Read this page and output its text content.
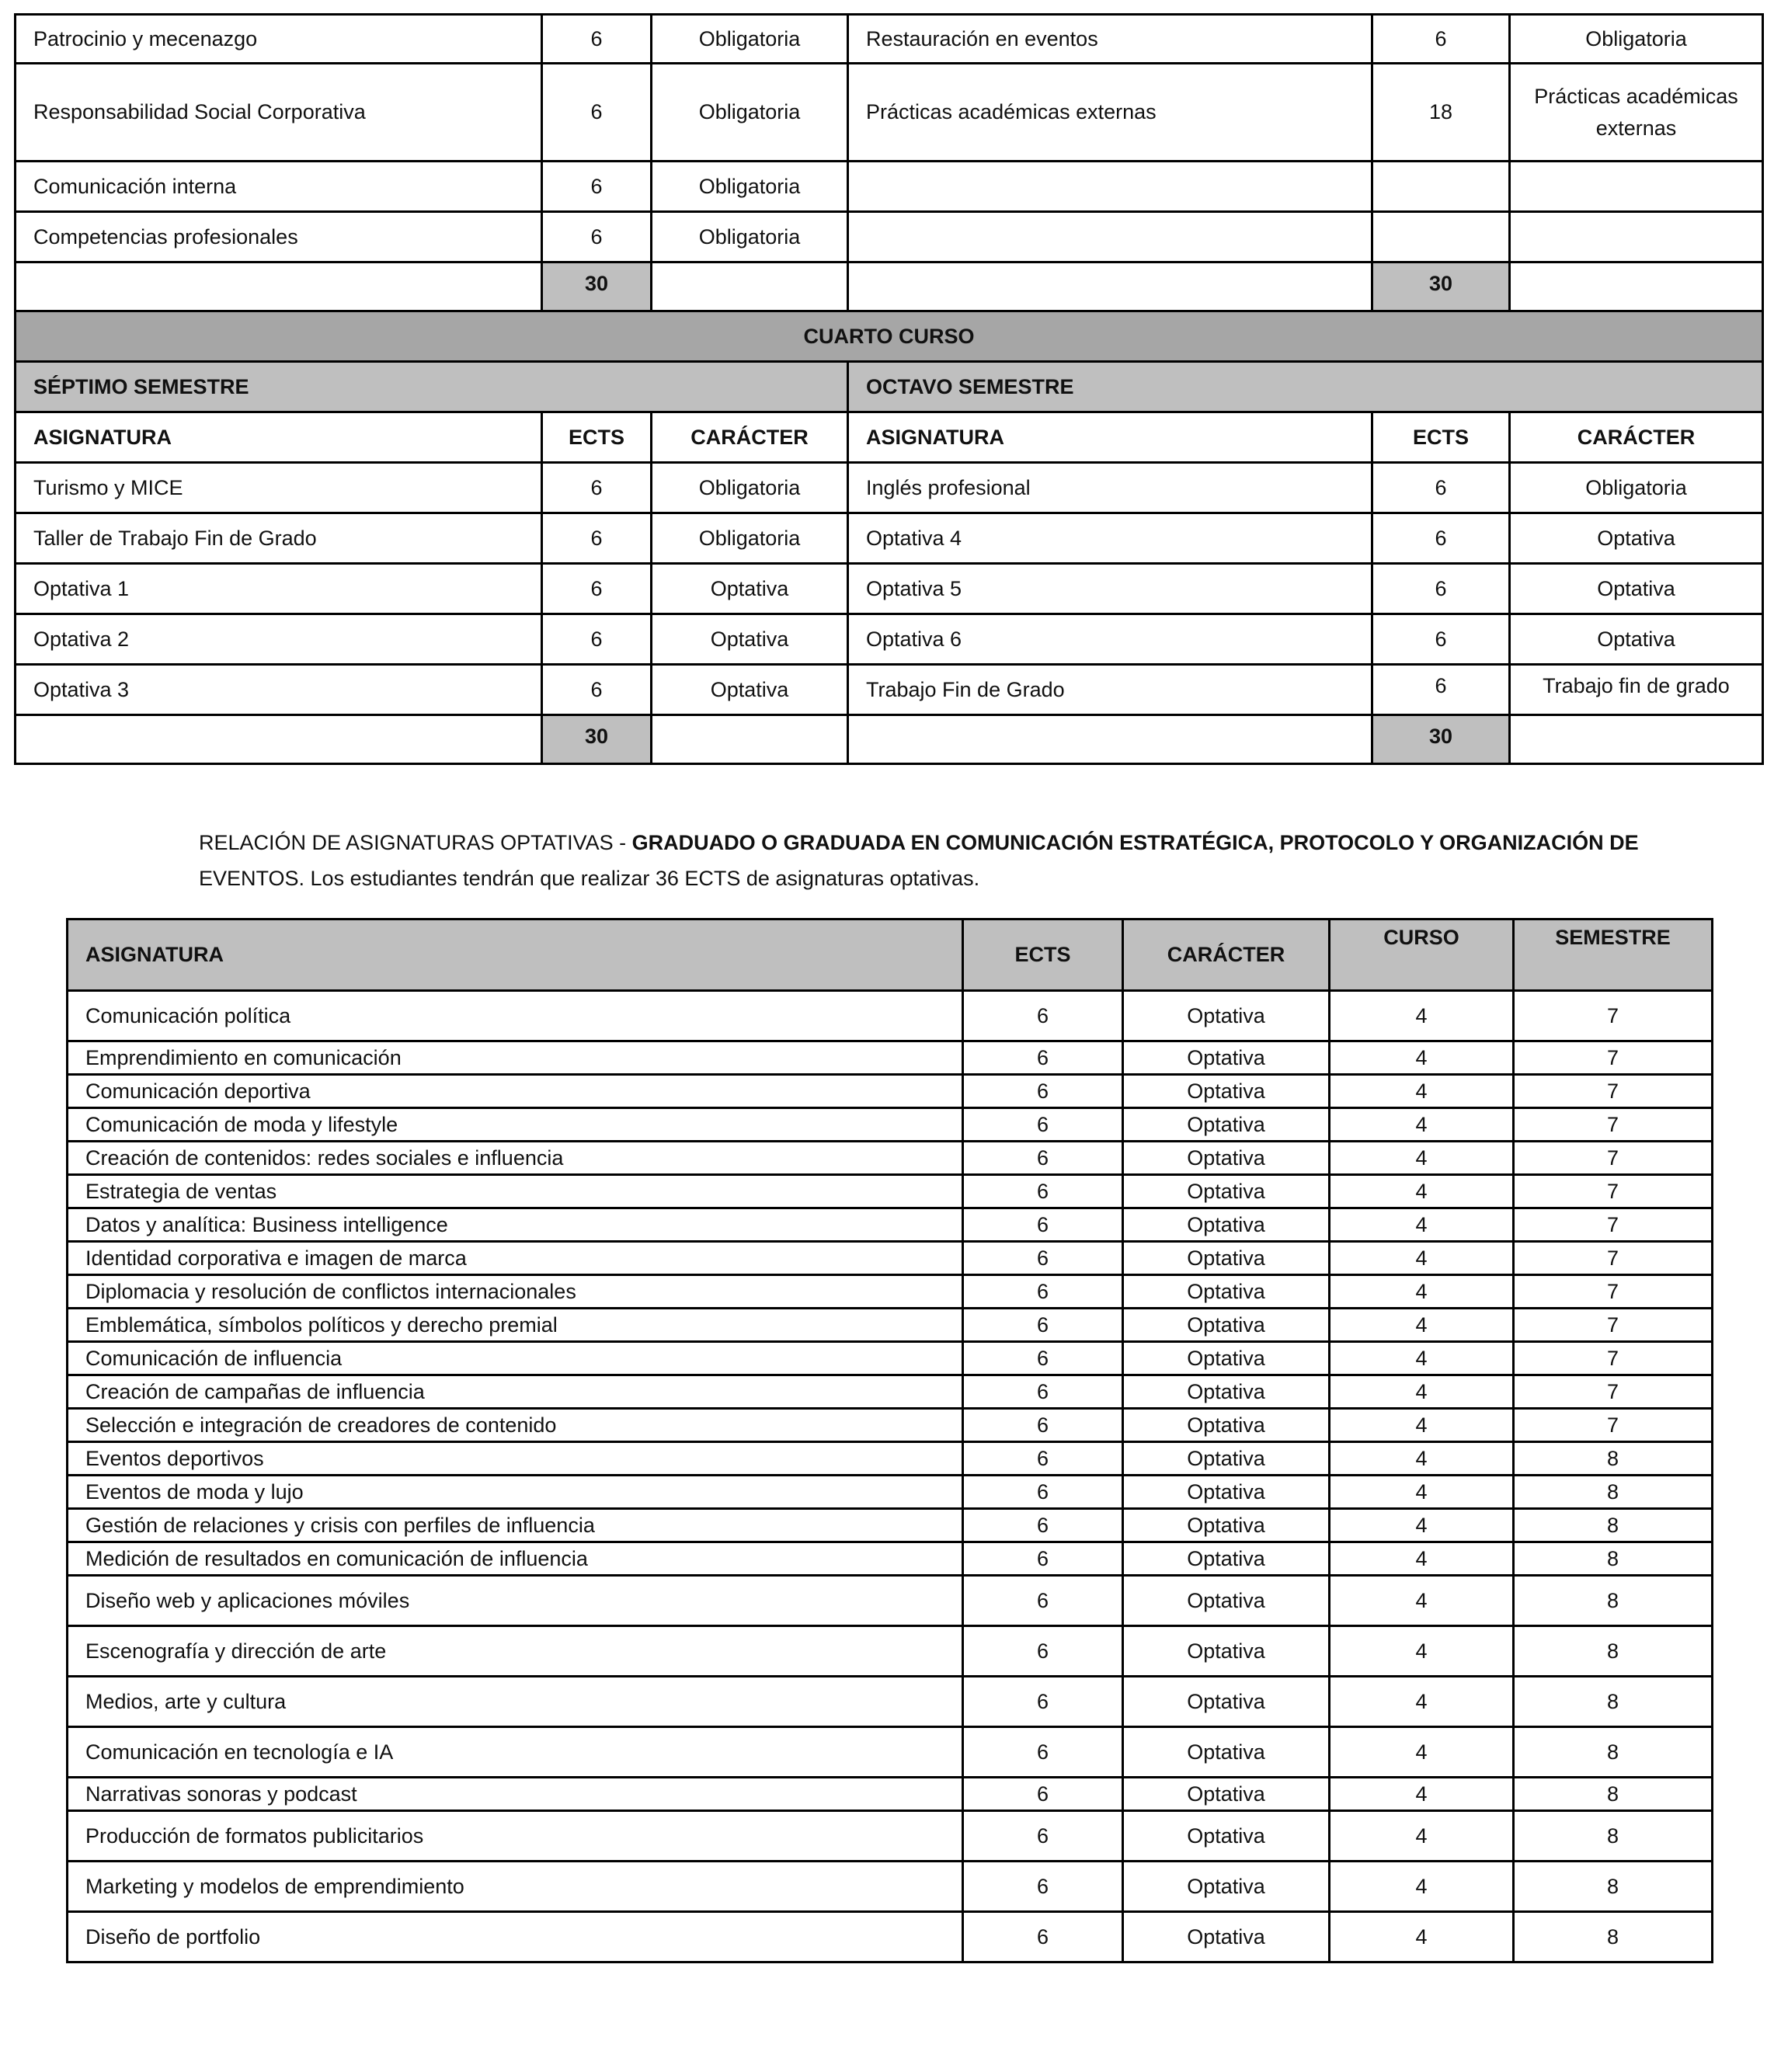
Patrocinio y mecenazgo	6	Obligatoria	Restauración en eventos	6	Obligatoria
Responsabilidad Social Corporativa	6	Obligatoria	Prácticas académicas externas	18	Prácticas académicas externas
Comunicación interna	6	Obligatoria			
Competencias profesionales	6	Obligatoria			
	30			30	
CUARTO CURSO					
SÉPTIMO SEMESTRE			OCTAVO SEMESTRE		
ASIGNATURA	ECTS	CARÁCTER	ASIGNATURA	ECTS	CARÁCTER
Turismo y MICE	6	Obligatoria	Inglés profesional	6	Obligatoria
Taller de Trabajo Fin de Grado	6	Obligatoria	Optativa 4	6	Optativa
Optativa 1	6	Optativa	Optativa 5	6	Optativa
Optativa 2	6	Optativa	Optativa 6	6	Optativa
Optativa 3	6	Optativa	Trabajo Fin de Grado	6	Trabajo fin de grado
	30			30	
RELACIÓN DE ASIGNATURAS OPTATIVAS - GRADUADO O GRADUADA EN COMUNICACIÓN ESTRATÉGICA, PROTOCOLO Y ORGANIZACIÓN DE EVENTOS. Los estudiantes tendrán que realizar 36 ECTS de asignaturas optativas.
ASIGNATURA	ECTS	CARÁCTER	CURSO	SEMESTRE
Comunicación política	6	Optativa	4	7
Emprendimiento en comunicación	6	Optativa	4	7
Comunicación deportiva	6	Optativa	4	7
Comunicación de moda y lifestyle	6	Optativa	4	7
Creación de contenidos: redes sociales e influencia	6	Optativa	4	7
Estrategia de ventas	6	Optativa	4	7
Datos y analítica: Business intelligence	6	Optativa	4	7
Identidad corporativa e imagen de marca	6	Optativa	4	7
Diplomacia y resolución de conflictos internacionales	6	Optativa	4	7
Emblemática, símbolos políticos y derecho premial	6	Optativa	4	7
Comunicación de influencia	6	Optativa	4	7
Creación de campañas de influencia	6	Optativa	4	7
Selección e integración de creadores de contenido	6	Optativa	4	7
Eventos deportivos	6	Optativa	4	8
Eventos de moda y lujo	6	Optativa	4	8
Gestión de relaciones y crisis con perfiles de influencia	6	Optativa	4	8
Medición de resultados en comunicación de influencia	6	Optativa	4	8
Diseño web y aplicaciones móviles	6	Optativa	4	8
Escenografía y dirección de arte	6	Optativa	4	8
Medios, arte y cultura	6	Optativa	4	8
Comunicación en tecnología e IA	6	Optativa	4	8
Narrativas sonoras y podcast	6	Optativa	4	8
Producción de formatos publicitarios	6	Optativa	4	8
Marketing y modelos de emprendimiento	6	Optativa	4	8
Diseño de portfolio	6	Optativa	4	8
